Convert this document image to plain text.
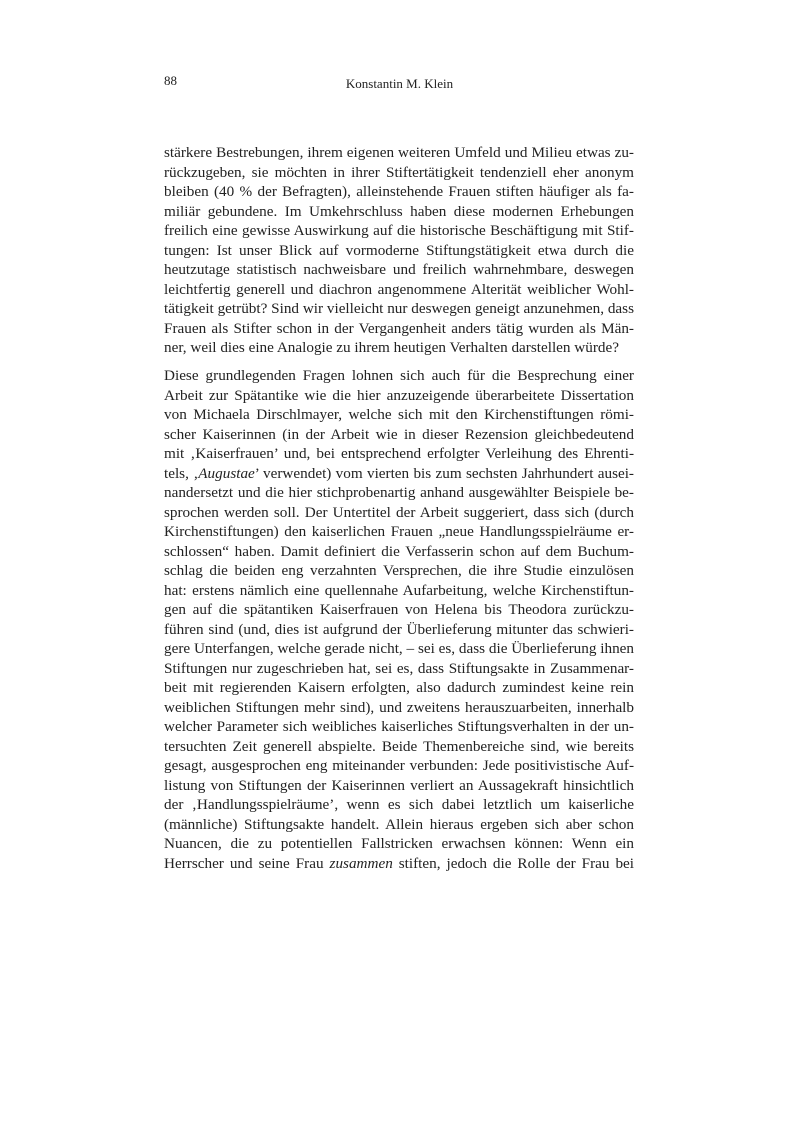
88	Konstantin M. Klein
stärkere Bestrebungen, ihrem eigenen weiteren Umfeld und Milieu etwas zu-
rückzugeben, sie möchten in ihrer Stiftertätigkeit tendenziell eher anonym
bleiben (40 % der Befragten), alleinstehende Frauen stiften häufiger als fa-
miliär gebundene. Im Umkehrschluss haben diese modernen Erhebungen
freilich eine gewisse Auswirkung auf die historische Beschäftigung mit Stif-
tungen: Ist unser Blick auf vormoderne Stiftungstätigkeit etwa durch die
heutzutage statistisch nachweisbare und freilich wahrnehmbare, deswegen
leichtfertig generell und diachron angenommene Alterität weiblicher Wohl-
tätigkeit getrübt? Sind wir vielleicht nur deswegen geneigt anzunehmen, dass
Frauen als Stifter schon in der Vergangenheit anders tätig wurden als Män-
ner, weil dies eine Analogie zu ihrem heutigen Verhalten darstellen würde?
Diese grundlegenden Fragen lohnen sich auch für die Besprechung einer
Arbeit zur Spätantike wie die hier anzuzeigende überarbeitete Dissertation
von Michaela Dirschlmayer, welche sich mit den Kirchenstiftungen römi-
scher Kaiserinnen (in der Arbeit wie in dieser Rezension gleichbedeutend
mit ‚Kaiserfrauen’ und, bei entsprechend erfolgter Verleihung des Ehrenti-
tels, ‚Augustae’ verwendet) vom vierten bis zum sechsten Jahrhundert ausei-
nandersetzt und die hier stichprobenartig anhand ausgewählter Beispiele be-
sprochen werden soll. Der Untertitel der Arbeit suggeriert, dass sich (durch
Kirchenstiftungen) den kaiserlichen Frauen „neue Handlungsspielräume er-
schlossen“ haben. Damit definiert die Verfasserin schon auf dem Buchum-
schlag die beiden eng verzahnten Versprechen, die ihre Studie einzulösen
hat: erstens nämlich eine quellennahe Aufarbeitung, welche Kirchenstiftun-
gen auf die spätantiken Kaiserfrauen von Helena bis Theodora zurückzu-
führen sind (und, dies ist aufgrund der Überlieferung mitunter das schwieri-
gere Unterfangen, welche gerade nicht, – sei es, dass die Überlieferung ihnen
Stiftungen nur zugeschrieben hat, sei es, dass Stiftungsakte in Zusammenar-
beit mit regierenden Kaisern erfolgten, also dadurch zumindest keine rein
weiblichen Stiftungen mehr sind), und zweitens herauszuarbeiten, innerhalb
welcher Parameter sich weibliches kaiserliches Stiftungsverhalten in der un-
tersuchten Zeit generell abspielte. Beide Themenbereiche sind, wie bereits
gesagt, ausgesprochen eng miteinander verbunden: Jede positivistische Auf-
listung von Stiftungen der Kaiserinnen verliert an Aussagekraft hinsichtlich
der ‚Handlungsspielräume’, wenn es sich dabei letztlich um kaiserliche
(männliche) Stiftungsakte handelt. Allein hieraus ergeben sich aber schon
Nuancen, die zu potentiellen Fallstricken erwachsen können: Wenn ein
Herrscher und seine Frau zusammen stiften, jedoch die Rolle der Frau bei
